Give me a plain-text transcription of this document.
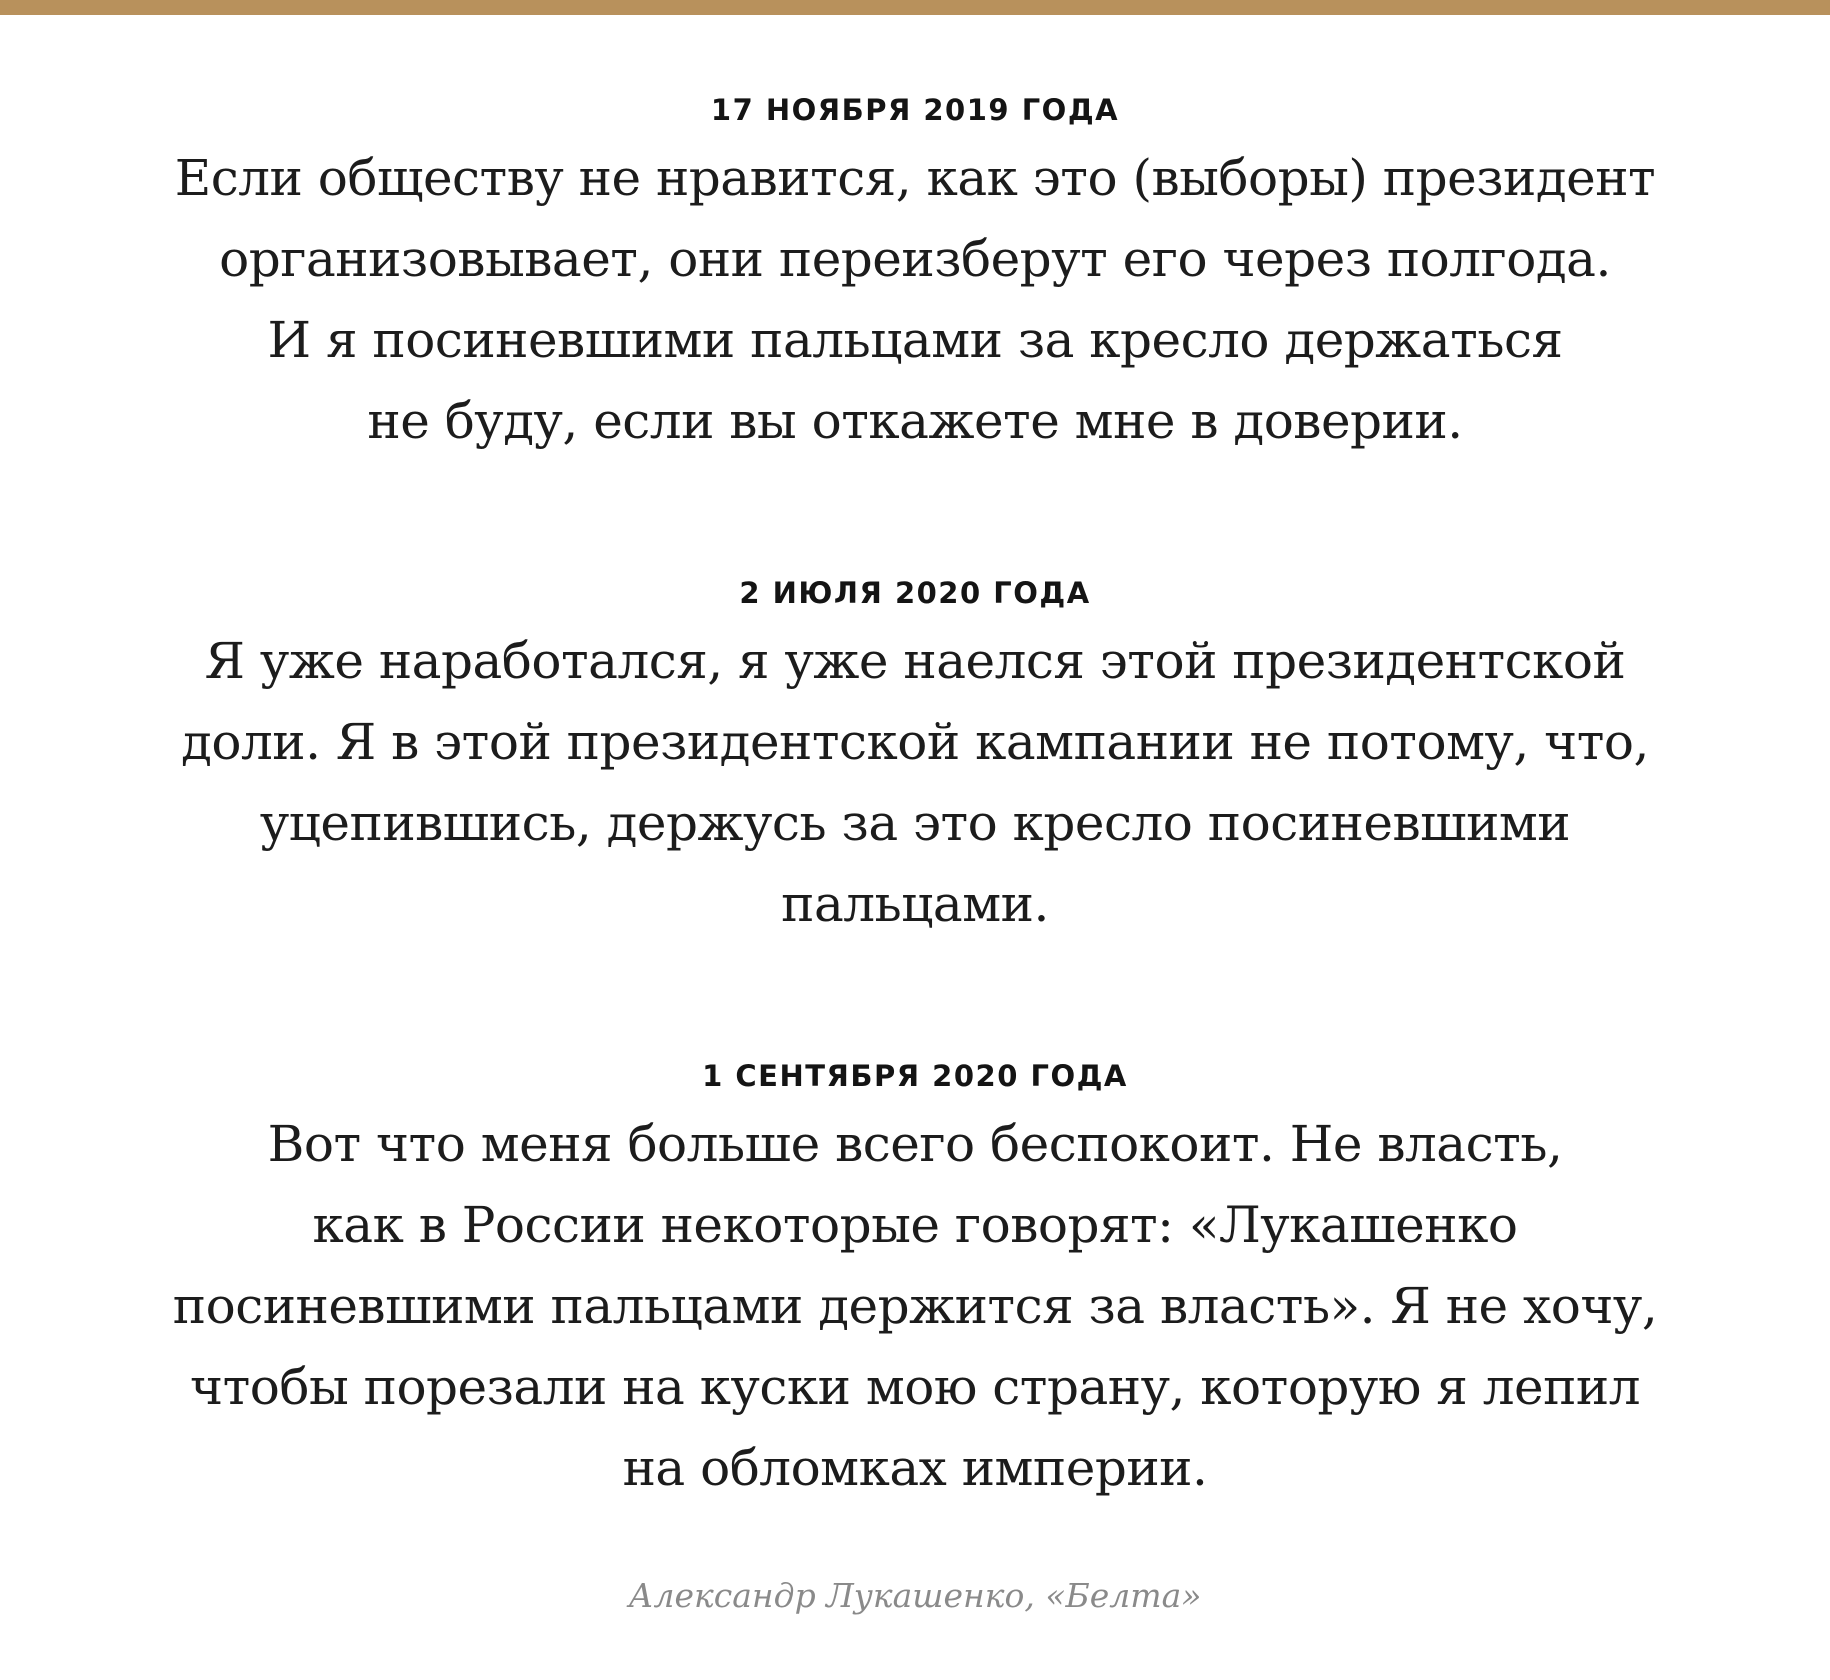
17 НОЯБРЯ 2019 ГОДА

Если обществу не нравится, как это (выборы) президент
организовывает, они переизберут его через полгода.
И я посиневшими пальцами за кресло держаться
не буду, если вы откажете мне в доверии.

2 ИЮЛЯ 2020 ГОДА

Я уже наработался, я уже наелся этой президентской
доли. Я в этой президентской кампании не потому, что,
уцепившись, держусь за это кресло посиневшими
пальцами.

1 СЕНТЯБРЯ 2020 ГОДА

Вот что меня больше всего беспокоит. Не власть,
как в России некоторые говорят: «Лукашенко
посиневшими пальцами держится за власть». Я не хочу,
чтобы порезали на куски мою страну, которую я лепил
на обломках империи.

Александр Лукашенко, «Белта»
